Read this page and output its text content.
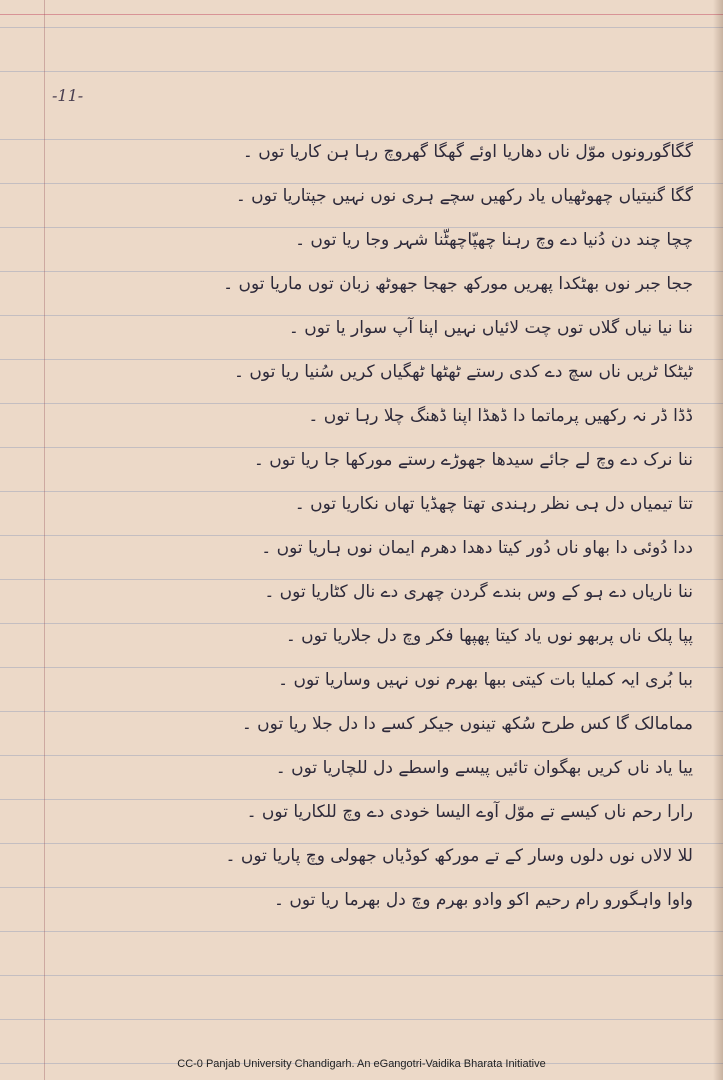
-11-
گگاگورونوں موّل ناں دھاریا اوئے گھگا گھروچ رہا ہن کاریا توں ۔
گگا گنیتیاں چھوٹھیاں یاد رکھیں سچے ہری نوں نہیں جپتاریا توں ۔
چچا چند دن دُنیا دے وچ رہنا چھپّاچھٹّنا شہر وجا ریا توں ۔
ججا جبر نوں بھٹکدا پھریں مورکھ جھجا جھوٹھ زبان توں ماریا توں ۔
ننا نیا نیاں گلاں توں چت لائیاں نہیں اپنا آپ سوار یا توں ۔
ٹیٹکا ٹریں ناں سچ دے کدی رستے ٹھٹھا ٹھگیاں کریں سُنیا ریا توں ۔
ڈڈا ڈر نہ رکھیں پرماتما دا ڈھڈا اپنا ڈھنگ چلا رہا توں ۔
ننا نرک دے وچ لے جائے سیدھا جھوڑے رستے مورکھا جا ریا توں ۔
تتا تیمیاں دل ہی نظر رہندی تھتا چھڈیا تھاں نکاریا توں ۔
ددا دُوئی دا بھاو ناں دُور کیتا دھدا دھرم ایمان نوں ہاریا توں ۔
ننا ناریاں دے ہو کے وس بندے گردن چھری دے نال کٹاریا توں ۔
پپا پلک ناں پربھو نوں یاد کیتا پھپھا فکر وچ دل جلاریا توں ۔
ببا بُری ایہ کملیا بات کیتی ببھا بھرم نوں نہیں وساریا توں ۔
ممامالک گا کس طرح سُکھ تینوں جیکر کسے دا دل جلا ریا توں ۔
ییا یاد ناں کریں بھگوان تائیں پیسے واسطے دل للچاریا توں ۔
رارا رحم ناں کیسے تے موّل آوے الیسا خودی دے وچ للکاریا توں ۔
للا لالاں نوں دلوں وسار کے تے مورکھ کوڈیاں جھولی وچ پاریا توں ۔
واوا واہگورو رام رحیم اکو وادو بھرم وچ دل بھرما ریا توں ۔
CC-0 Panjab University Chandigarh. An eGangotri-Vaidika Bharata Initiative
